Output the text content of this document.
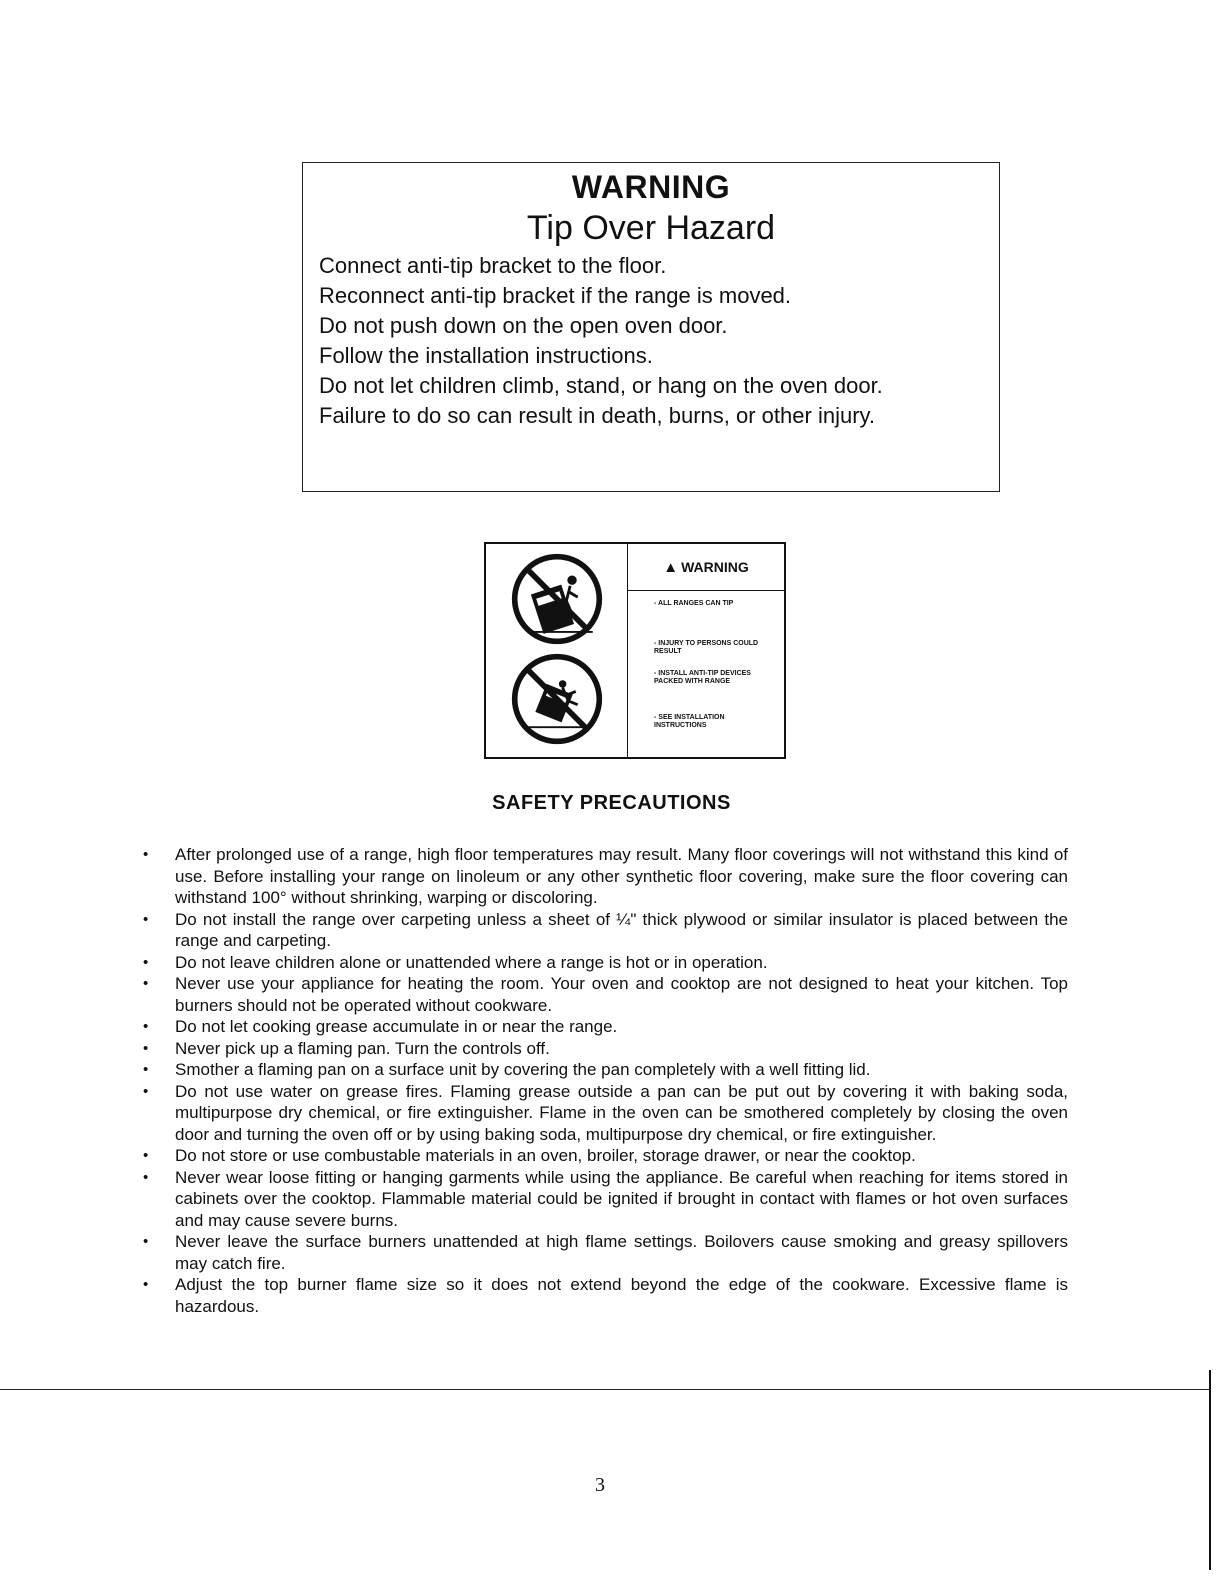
WARNING
Tip Over Hazard
Connect anti-tip bracket to the floor.
Reconnect anti-tip bracket if the range is moved.
Do not push down on the open oven door.
Follow the installation instructions.
Do not let children climb, stand, or hang on the oven door.
Failure to do so can result in death, burns, or other injury.
▲ WARNING
- ALL RANGES CAN TIP
- INJURY TO PERSONS COULD RESULT
- INSTALL ANTI-TIP DEVICES PACKED WITH RANGE
- SEE INSTALLATION INSTRUCTIONS
SAFETY PRECAUTIONS
• After prolonged use of a range, high floor temperatures may result. Many floor coverings will not withstand this kind of use. Before installing your range on linoleum or any other synthetic floor covering, make sure the floor covering can withstand 100° without shrinking, warping or discoloring.
• Do not install the range over carpeting unless a sheet of ¼" thick plywood or similar insulator is placed between the range and carpeting.
• Do not leave children alone or unattended where a range is hot or in operation.
• Never use your appliance for heating the room. Your oven and cooktop are not designed to heat your kitchen. Top burners should not be operated without cookware.
• Do not let cooking grease accumulate in or near the range.
• Never pick up a flaming pan. Turn the controls off.
• Smother a flaming pan on a surface unit by covering the pan completely with a well fitting lid.
• Do not use water on grease fires. Flaming grease outside a pan can be put out by covering it with baking soda, multipurpose dry chemical, or fire extinguisher. Flame in the oven can be smothered completely by closing the oven door and turning the oven off or by using baking soda, multipurpose dry chemical, or fire extinguisher.
• Do not store or use combustable materials in an oven, broiler, storage drawer, or near the cooktop.
• Never wear loose fitting or hanging garments while using the appliance. Be careful when reaching for items stored in cabinets over the cooktop. Flammable material could be ignited if brought in contact with flames or hot oven surfaces and may cause severe burns.
• Never leave the surface burners unattended at high flame settings. Boilovers cause smoking and greasy spillovers may catch fire.
• Adjust the top burner flame size so it does not extend beyond the edge of the cookware. Excessive flame is hazardous.
3
